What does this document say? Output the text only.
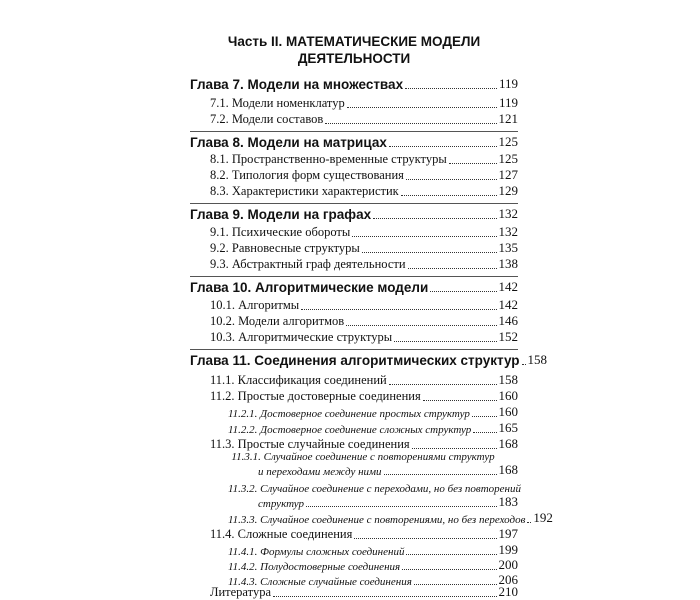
Часть II. МАТЕМАТИЧЕСКИЕ МОДЕЛИ
ДЕЯТЕЛЬНОСТИ
Глава 7. Модели на множествах	119
7.1. Модели номенклатур	119
7.2. Модели составов	121
Глава 8. Модели на матрицах	125
8.1. Пространственно-временные структуры	125
8.2. Типология форм существования	127
8.3. Характеристики характеристик	129
Глава 9. Модели на графах	132
9.1. Психические обороты	132
9.2. Равновесные структуры	135
9.3. Абстрактный граф деятельности	138
Глава 10. Алгоритмические модели	142
10.1. Алгоритмы	142
10.2. Модели алгоритмов	146
10.3. Алгоритмические структуры	152
Глава 11. Соединения алгоритмических структур 158
11.1. Классификация соединений	158
11.2. Простые достоверные соединения	160
11.2.1. Достоверное соединение простых структур 160
11.2.2. Достоверное соединение сложных структур 165
11.3. Простые случайные соединения	168
11.3.1. Случайное соединение с повторениями структур
и переходами между ними	168
11.3.2. Случайное соединение с переходами, но без повторений
структур	183
11.3.3. Случайное соединение с повторениями, но без переходов 192
11.4. Сложные соединения	197
11.4.1. Формулы сложных соединений	199
11.4.2. Полудостоверные соединения	200
11.4.3. Сложные случайные соединения	206
Литература	210
